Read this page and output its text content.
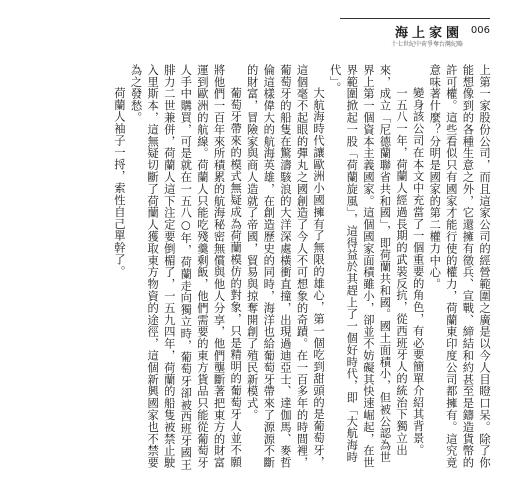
海上家園 006
十七世紀中荷爭奪台灣紀略

上第一家股份公司，而且這家公司的經營範圍之廣是以今人目瞪口呆。除了你能想像到的各種生意之外，它還擁有徵兵、宣戰、締結和約甚至是鑄造貨幣的許可權。這些看似只有國家才能行使的權力，荷蘭東印度公司都擁有。這究竟意味著什麼？分明是國家的第二權力中心。

變身該公司在本文中充當了一個重要的角色，有必要簡單介紹其背景。

一五八一年，荷蘭人經過長期的武裝反抗，從西班牙人的統治下獨立出來，成立「尼德蘭聯省共和國」，即荷蘭共和國。國土面積小，但被公認為世界上第一個資本主義國家。這個國家面積雖小，卻並不妨礙其快速崛起，在世界範圍掀起一股「荷蘭旋風」，這得益於其趕上了一個好時代，即「大航海時代」。

大航海時代讓歐洲小國擁有了無限的雄心，第一個吃到甜頭的是葡萄牙，這個毫不起眼的彈丸之國創造了今人不可想象的奇蹟。在一百多年的時間裡，葡萄牙的船隻在驚濤駭浪的大洋深處橫衝直撞，出現過迪亞士、達伽馬、麥哲倫這樣偉大的航海英雄，在創造歷史的同時，海洋也給葡萄牙帶來了源源不斷的財富，冒險家與商人造就了帝國，貿易與掠奪開創了殖民新模式。

葡萄牙帶來的模式無疑成為荷蘭模仿的對象，只是精明的葡萄牙人並不願將他們一百年來所積累的航海秘密無償與他人分享，他們壟斷著把東方的財富運到歐洲的航線。荷蘭人只能吃殘羹剩飯，他們需要的東方貨品只能從葡萄牙人手中購買，可是就在一五八○年，荷蘭走向獨立時，葡萄牙卻被西班牙國王腓力二世兼併，荷蘭人這下注定要倒楣了，一五九四年，荷蘭的船隻被禁止駛入里斯本，這無疑切斷了荷蘭人獲取東方物資的途徑，這個新興國家也不禁要為之發愁。

荷蘭人袖子一捋，索性自己單幹了。
